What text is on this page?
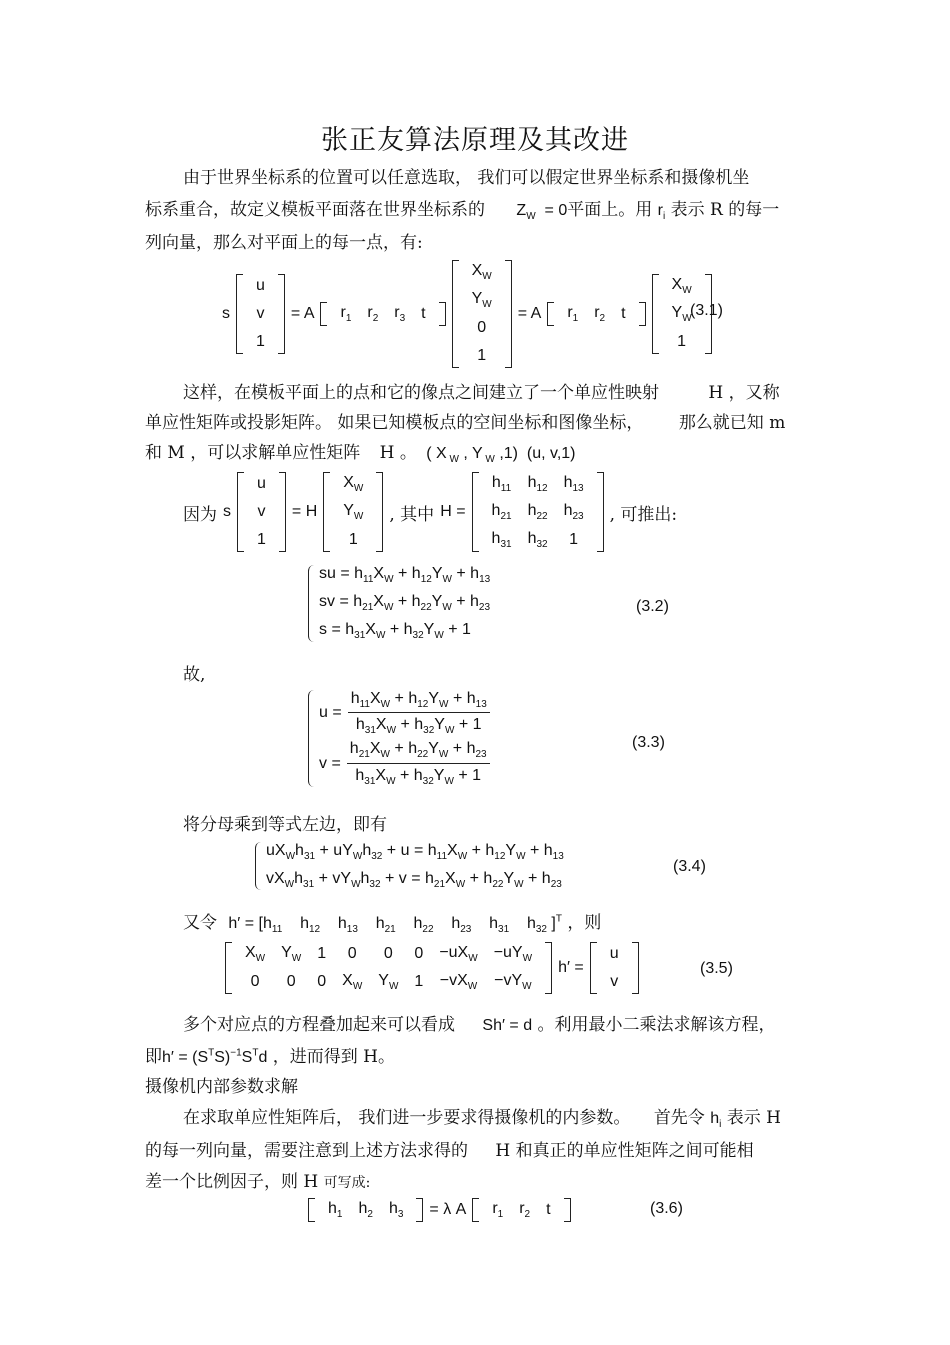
张正友算法原理及其改进
由于世界坐标系的位置可以任意选取， 我们可以假定世界坐标系和摄像机坐
标系重合，故定义模板平面落在世界坐标系的 $Z_W = 0$平面上。用 $r_i$ 表示 R 的每一
列向量，那么对平面上的每一点，有:
s
u
v
1
= A	$r_1$	$r_2$	$r_3$	t
$X_W$
$Y_W$
0
1
= A	$r_1$	$r_2$	t
$X_W$
$Y_W$
1
(3.1)
这样，在模板平面上的点和它的像点之间建立了一个单应性映射	H ，又称
单应性矩阵或投影矩阵。 如果已知模板点的空间坐标和图像坐标， 那么就已知 m
和 M ，可以求解单应性矩阵 H 。 ( X $_W$ , Y $_W$ ,1)  (u, v,1)
因为 s
u
v
1
= H
$X_W$
$Y_W$
1
, 其中 H =
$h_{11}$	$h_{12}$	$h_{13}$
$h_{21}$	$h_{22}$	$h_{23}$
$h_{31}$	$h_{32}$	1
, 可推出:
su = $h_{11}X_W + h_{12}Y_W + h_{13}$
sv = $h_{21}X_W + h_{22}Y_W + h_{23}$
$s = h_{31}X_W + h_{32}Y_W + 1$
(3.2)
故,
$u = \frac{h_{11}X_W + h_{12}Y_W + h_{13}}{h_{31}X_W + h_{32}Y_W + 1}$
$v = \frac{h_{21}X_W + h_{22}Y_W + h_{23}}{h_{31}X_W + h_{32}Y_W + 1}$	(3.3)
将分母乘到等式左边，即有
$uX_Wh_{31} + uY_Wh_{32} + u = h_{11}X_W + h_{12}Y_W + h_{13}$
$vX_Wh_{31} + vY_Wh_{32} + v = h_{21}X_W + h_{22}Y_W + h_{23}$
(3.4)
又令 $h' = [h_{11}$    $h_{12}$    $h_{13}$    $h_{21}$    $h_{22}$    $h_{23}$    $h_{31}$    $h_{32}$ ]$^T$ ，则
$X_W$	$Y_W$	1	0	0	0	$-uX_W$	$-uY_W$
0	0	0	$X_W$	$Y_W$	1	$-vX_W$	$-vY_W$
h′ =
u
v
(3.5)
多个对应点的方程叠加起来可以看成 Sh′ = d 。利用最小二乘法求解该方程，
即$h' = (S^TS)^{-1}S^Td$ ，进而得到 H。
摄像机内部参数求解
在求取单应性矩阵后， 我们进一步要求得摄像机的内参数。 首先令 $h_i$ 表示 H
的每一列向量，需要注意到上述方法求得的 H 和真正的单应性矩阵之间可能相
差一个比例因子，则 H 可写成:
$h_1$	$h_2$	$h_3$	= λ A	$r_1$	$r_2$	t	(3.6)
